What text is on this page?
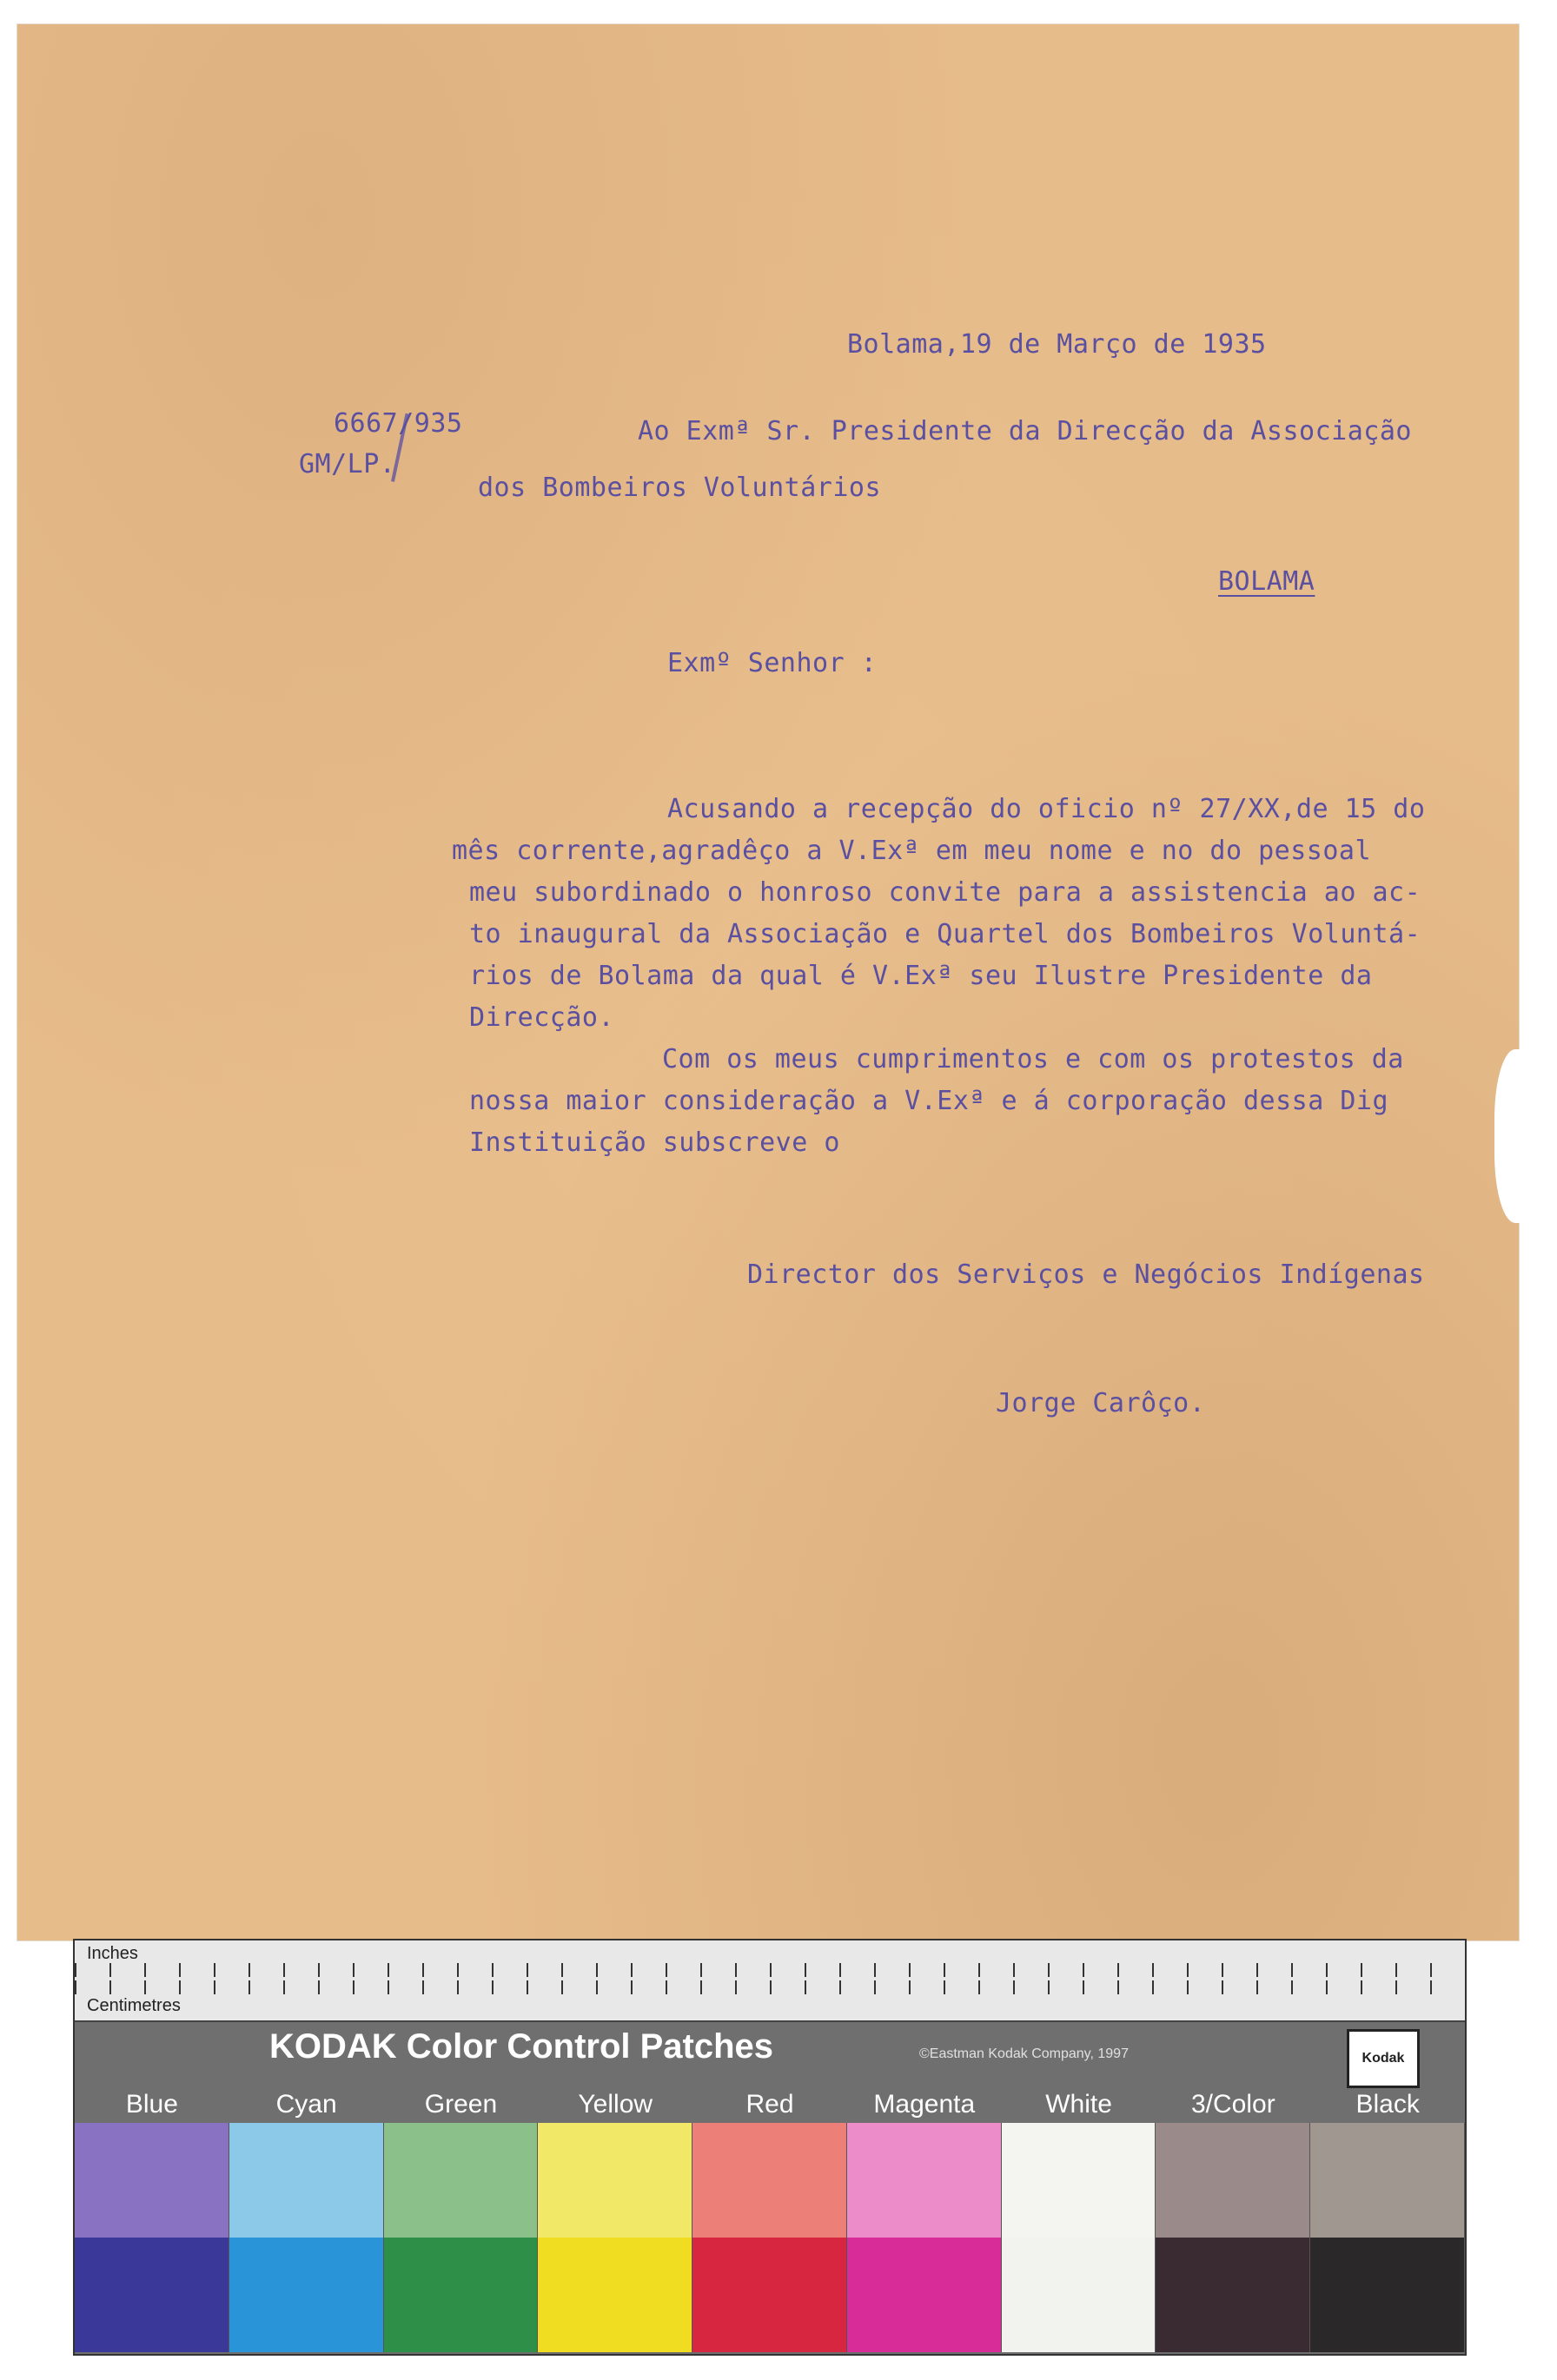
Bolama,19 de Março de 1935
6667/935
GM/LP.
Ao Exmª Sr. Presidente da Direcção da Associação
dos Bombeiros Voluntários
BOLAMA
Exmº Senhor :
Acusando a recepção do oficio nº 27/XX,de 15 do
mês corrente,agradêço a V.Exª em meu nome e no do pessoal
meu subordinado o honroso convite para a assistencia ao ac-
to inaugural da Associação e Quartel dos Bombeiros Voluntá-
rios de Bolama da qual é V.Exª seu Ilustre Presidente da
Direcção.
Com os meus cumprimentos e com os protestos da
nossa maior consideração a V.Exª e á corporação dessa Dig
Instituição subscreve o
Director dos Serviços e Negócios Indígenas
Jorge Carôço.
Inches
Centimetres
KODAK Color Control Patches	©Eastman Kodak Company, 1997	Kodak
Blue	Cyan	Green	Yellow	Red	Magenta	White	3/Color	Black
